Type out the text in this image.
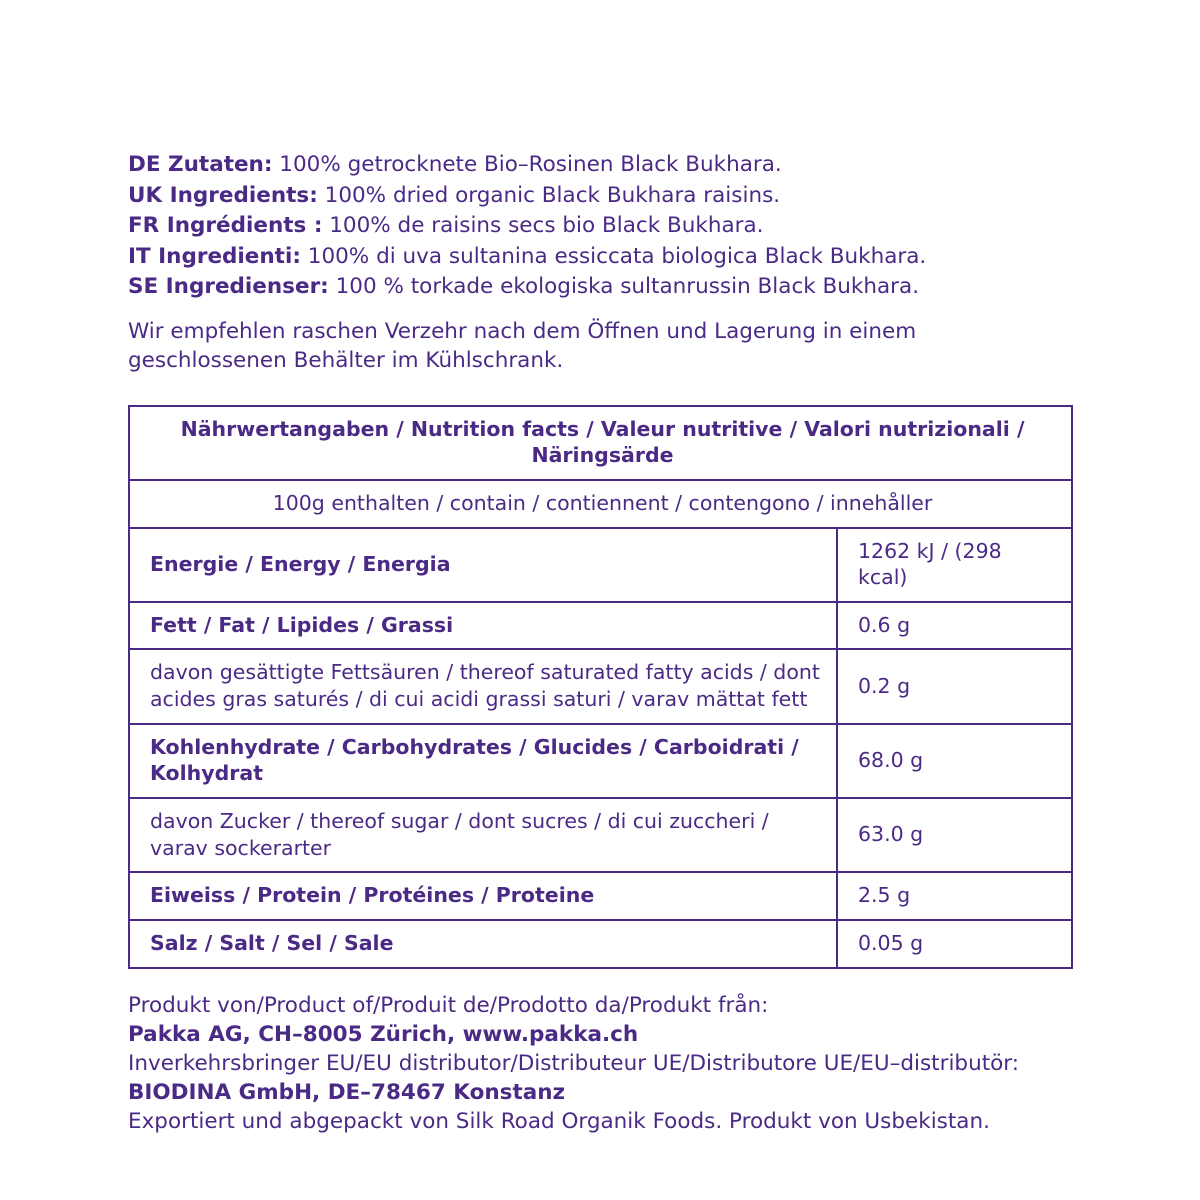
DE Zutaten: 100% getrocknete Bio–Rosinen Black Bukhara.
UK Ingredients: 100% dried organic Black Bukhara raisins.
FR Ingrédients : 100% de raisins secs bio Black Bukhara.
IT Ingredienti: 100% di uva sultanina essiccata biologica Black Bukhara.
SE Ingredienser: 100 % torkade ekologiska sultanrussin Black Bukhara.
Wir empfehlen raschen Verzehr nach dem Öffnen und Lagerung in einem geschlossenen Behälter im Kühlschrank.
Nährwertangaben / Nutrition facts / Valeur nutritive / Valori nutrizionali / Näringsärde	
100g enthalten / contain / contiennent / contengono / innehåller	
Energie / Energy / Energia	1262 kJ / (298 kcal)
Fett / Fat / Lipides / Grassi	0.6 g
davon gesättigte Fettsäuren / thereof saturated fatty acids / dont acides gras saturés / di cui acidi grassi saturi / varav mättat fett	0.2 g
Kohlenhydrate / Carbohydrates / Glucides / Carboidrati / Kolhydrat	68.0 g
davon Zucker / thereof sugar / dont sucres / di cui zuccheri / varav sockerarter	63.0 g
Eiweiss / Protein / Protéines / Proteine	2.5 g
Salz / Salt / Sel / Sale	0.05 g
Produkt von/Product of/Produit de/Prodotto da/Produkt från:
Pakka AG, CH–8005 Zürich, www.pakka.ch
Inverkehrsbringer EU/EU distributor/Distributeur UE/Distributore UE/EU–distributör:
BIODINA GmbH, DE–78467 Konstanz
Exportiert und abgepackt von Silk Road Organik Foods. Produkt von Usbekistan.
